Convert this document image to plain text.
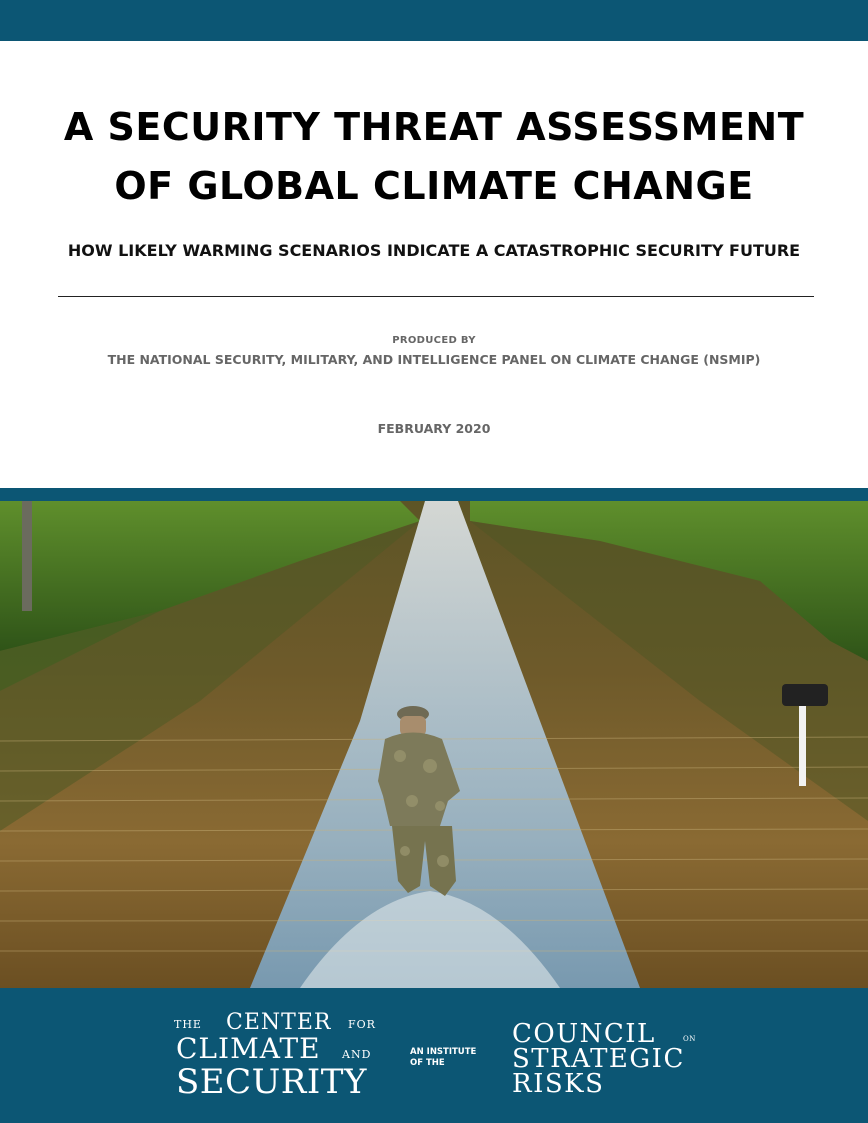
A SECURITY THREAT ASSESSMENT
OF GLOBAL CLIMATE CHANGE
HOW LIKELY WARMING SCENARIOS INDICATE A CATASTROPHIC SECURITY FUTURE
PRODUCED BY
THE NATIONAL SECURITY, MILITARY, AND INTELLIGENCE PANEL ON CLIMATE CHANGE (NSMIP)
FEBRUARY 2020
THE CENTER FOR
CLIMATE AND
SECURITY
AN INSTITUTE
OF THE
COUNCIL	ON
STRATEGIC
RISKS
